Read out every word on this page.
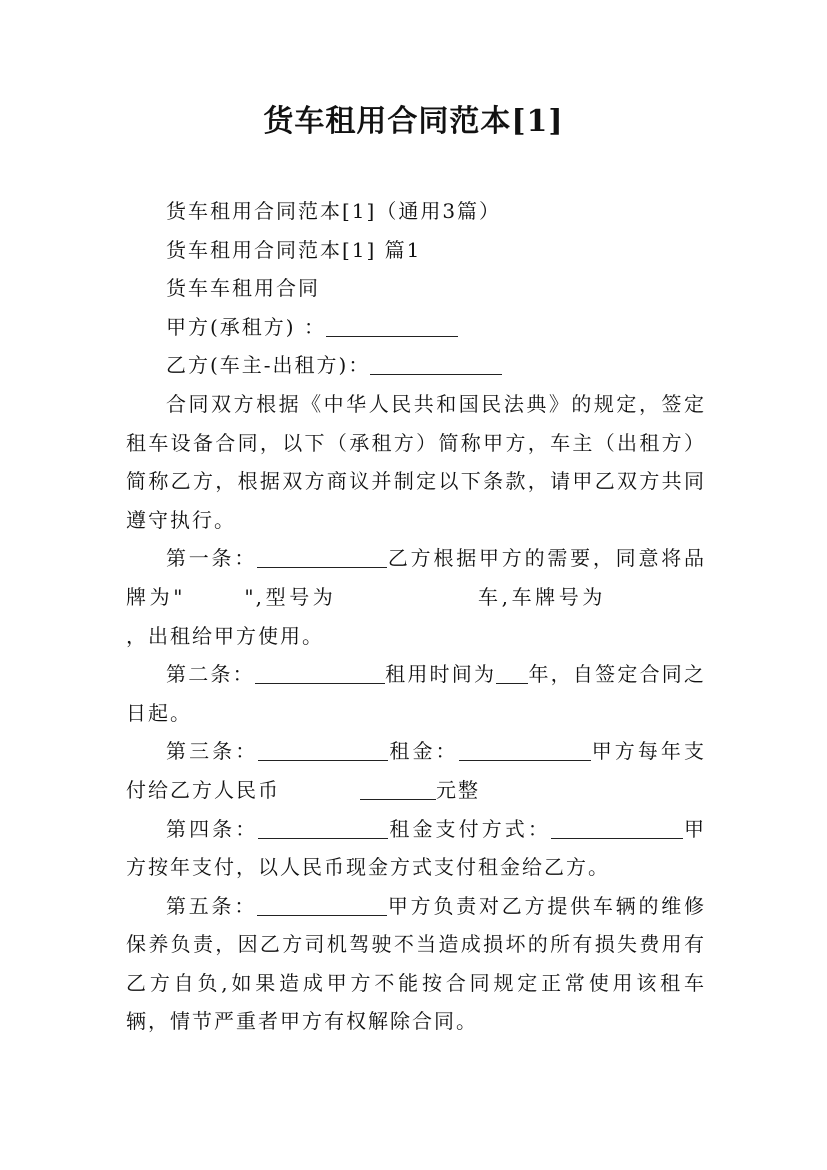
货车租用合同范本[1]

货车租用合同范本[1]（通用3篇）

货车租用合同范本[1] 篇1

货车车租用合同

甲方(承租方) ：

乙方(车主-出租方)：

合同双方根据《中华人民共和国民法典》的规定，签定租车设备合同，以下（承租方）简称甲方，车主（出租方）简称乙方，根据双方商议并制定以下条款，请甲乙双方共同遵守执行。

第一条：	乙方根据甲方的需要，同意将品牌为"	",型号为	车,车牌号为，出租给甲方使用。

第二条：	租用时间为 年，自签定合同之日起。

第三条：	租金：	甲方每年支付给乙方人民币	元整

第四条：	租金支付方式：	甲方按年支付，以人民币现金方式支付租金给乙方。

第五条：	甲方负责对乙方提供车辆的维修保养负责，因乙方司机驾驶不当造成损坏的所有损失费用有乙方自负,如果造成甲方不能按合同规定正常使用该租车辆，情节严重者甲方有权解除合同。
